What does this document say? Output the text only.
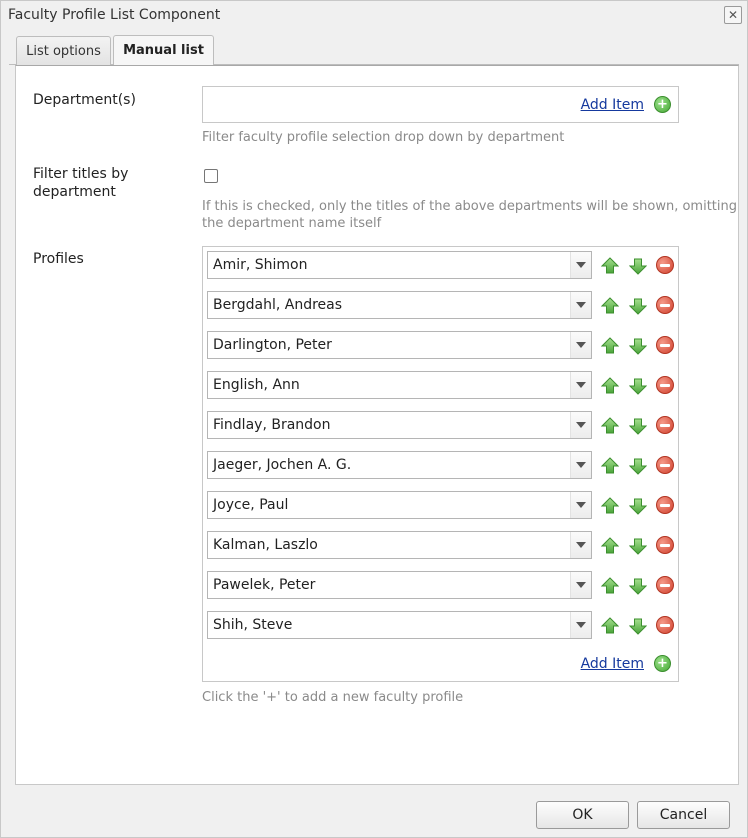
Faculty Profile List Component	✕
List options	Manual list
Department(s)	Add Item +
Filter faculty profile selection drop down by department
Filter titles by
department
If this is checked, only the titles of the above departments will be shown, omitting
the department name itself
Profiles	Amir, Shimon
Bergdahl, Andreas
Darlington, Peter
English, Ann
Findlay, Brandon
Jaeger, Jochen A. G.
Joyce, Paul
Kalman, Laszlo
Pawelek, Peter
Shih, Steve
Add Item +
Click the '+' to add a new faculty profile
OK	Cancel
